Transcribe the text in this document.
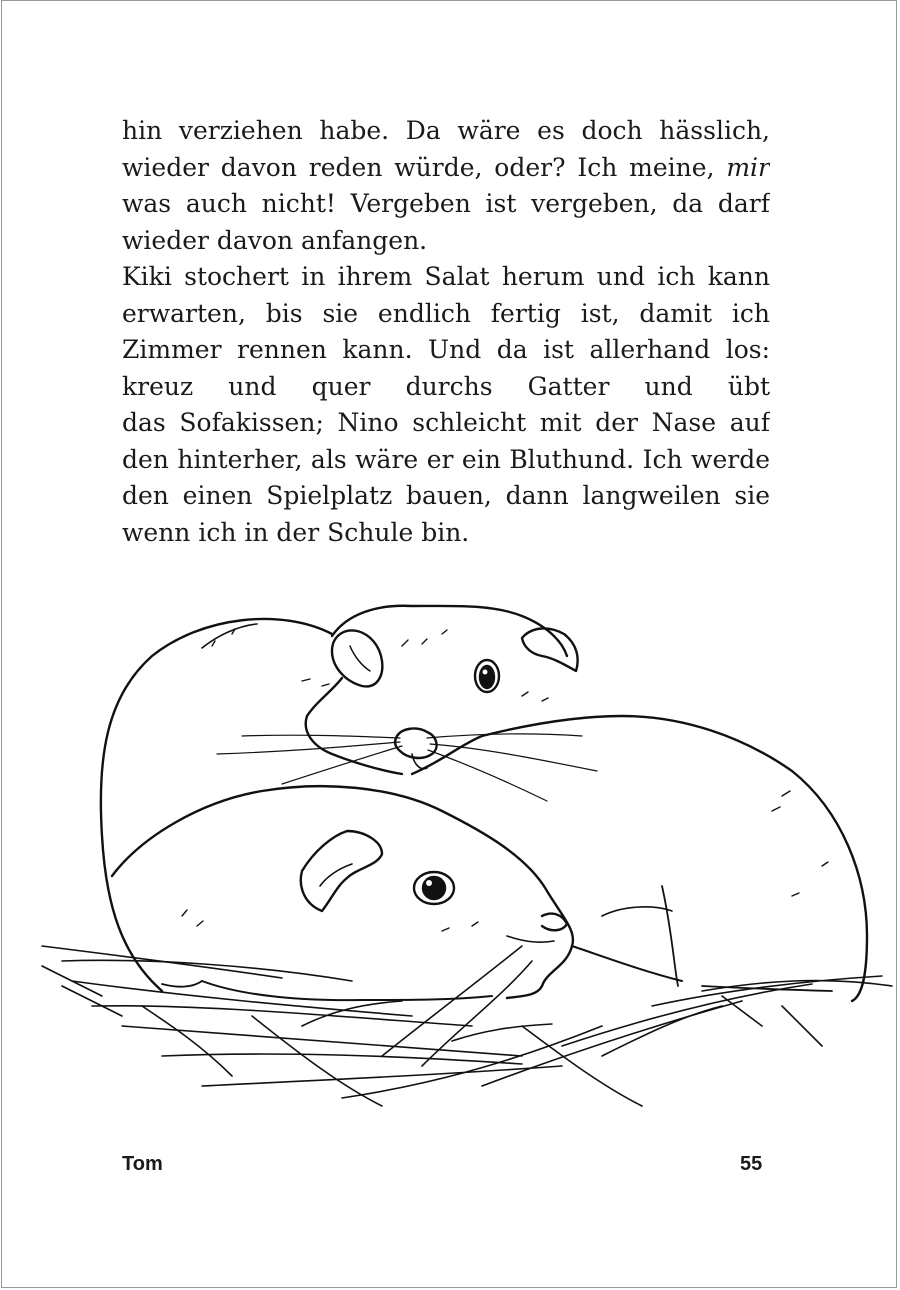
hin verziehen habe. Da wäre es doch hässlich,
wieder davon reden würde, oder? Ich meine, mir
was auch nicht! Vergeben ist vergeben, da darf
wieder davon anfangen.
Kiki stochert in ihrem Salat herum und ich kann
erwarten, bis sie endlich fertig ist, damit ich
Zimmer rennen kann. Und da ist allerhand los:
kreuz und quer durchs Gatter und übt
das Sofakissen; Nino schleicht mit der Nase auf
den hinterher, als wäre er ein Bluthund. Ich werde
den einen Spielplatz bauen, dann langweilen sie
wenn ich in der Schule bin.
Tom	55
